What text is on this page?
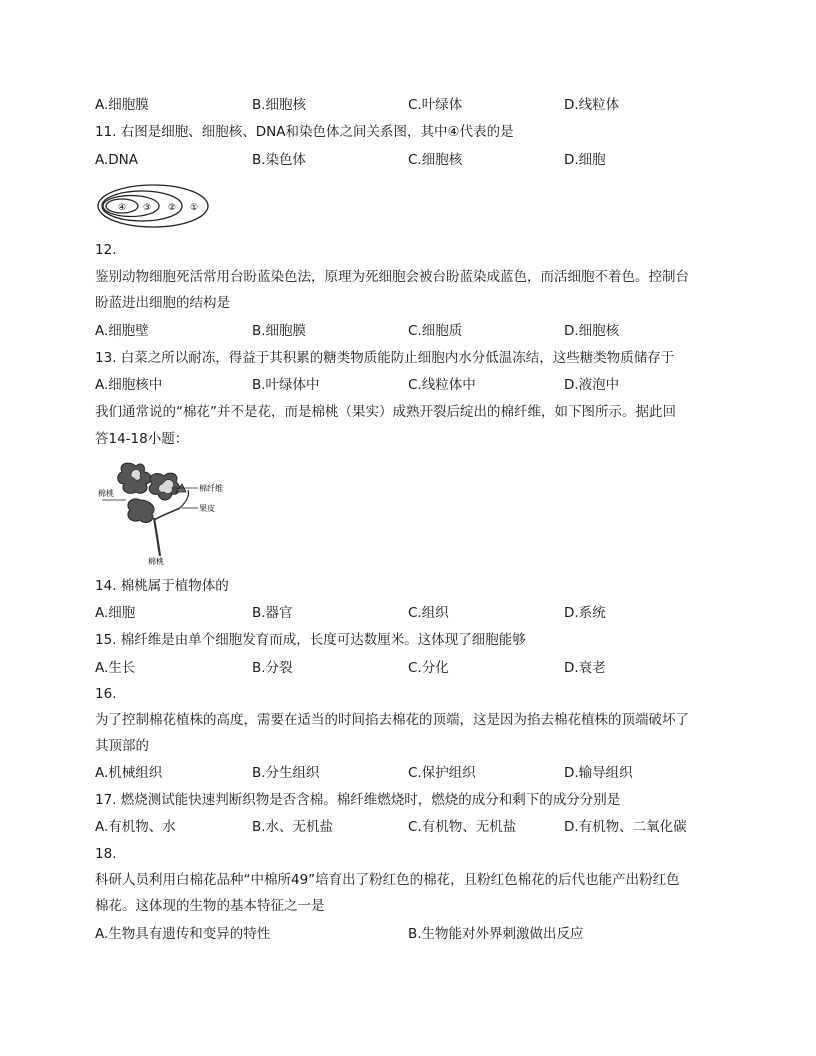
A.细胞膜	B.细胞核	C.叶绿体	D.线粒体
11. 右图是细胞、细胞核、DNA和染色体之间关系图，其中④代表的是
A.DNA	B.染色体	C.细胞核	D.细胞
④ ③ ② ①
12.
鉴别动物细胞死活常用台盼蓝染色法，原理为死细胞会被台盼蓝染成蓝色，而活细胞不着色。控制台
盼蓝进出细胞的结构是
A.细胞壁	B.细胞膜	C.细胞质	D.细胞核
13. 白菜之所以耐冻，得益于其积累的糖类物质能防止细胞内水分低温冻结，这些糖类物质储存于
A.细胞核中	B.叶绿体中	C.线粒体中	D.液泡中
我们通常说的“棉花”并不是花，而是棉桃（果实）成熟开裂后绽出的棉纤维，如下图所示。据此回
答14-18小题：
棉桃
棉纤维
果皮
棉桃
14. 棉桃属于植物体的
A.细胞	B.器官	C.组织	D.系统
15. 棉纤维是由单个细胞发育而成，长度可达数厘米。这体现了细胞能够
A.生长	B.分裂	C.分化	D.衰老
16.
为了控制棉花植株的高度，需要在适当的时间掐去棉花的顶端，这是因为掐去棉花植株的顶端破坏了
其顶部的
A.机械组织	B.分生组织	C.保护组织	D.输导组织
17. 燃烧测试能快速判断织物是否含棉。棉纤维燃烧时，燃烧的成分和剩下的成分分别是
A.有机物、水	B.水、无机盐	C.有机物、无机盐	D.有机物、二氧化碳
18.
科研人员利用白棉花品种“中棉所49”培育出了粉红色的棉花，且粉红色棉花的后代也能产出粉红色
棉花。这体现的生物的基本特征之一是
A.生物具有遗传和变异的特性	B.生物能对外界刺激做出反应
